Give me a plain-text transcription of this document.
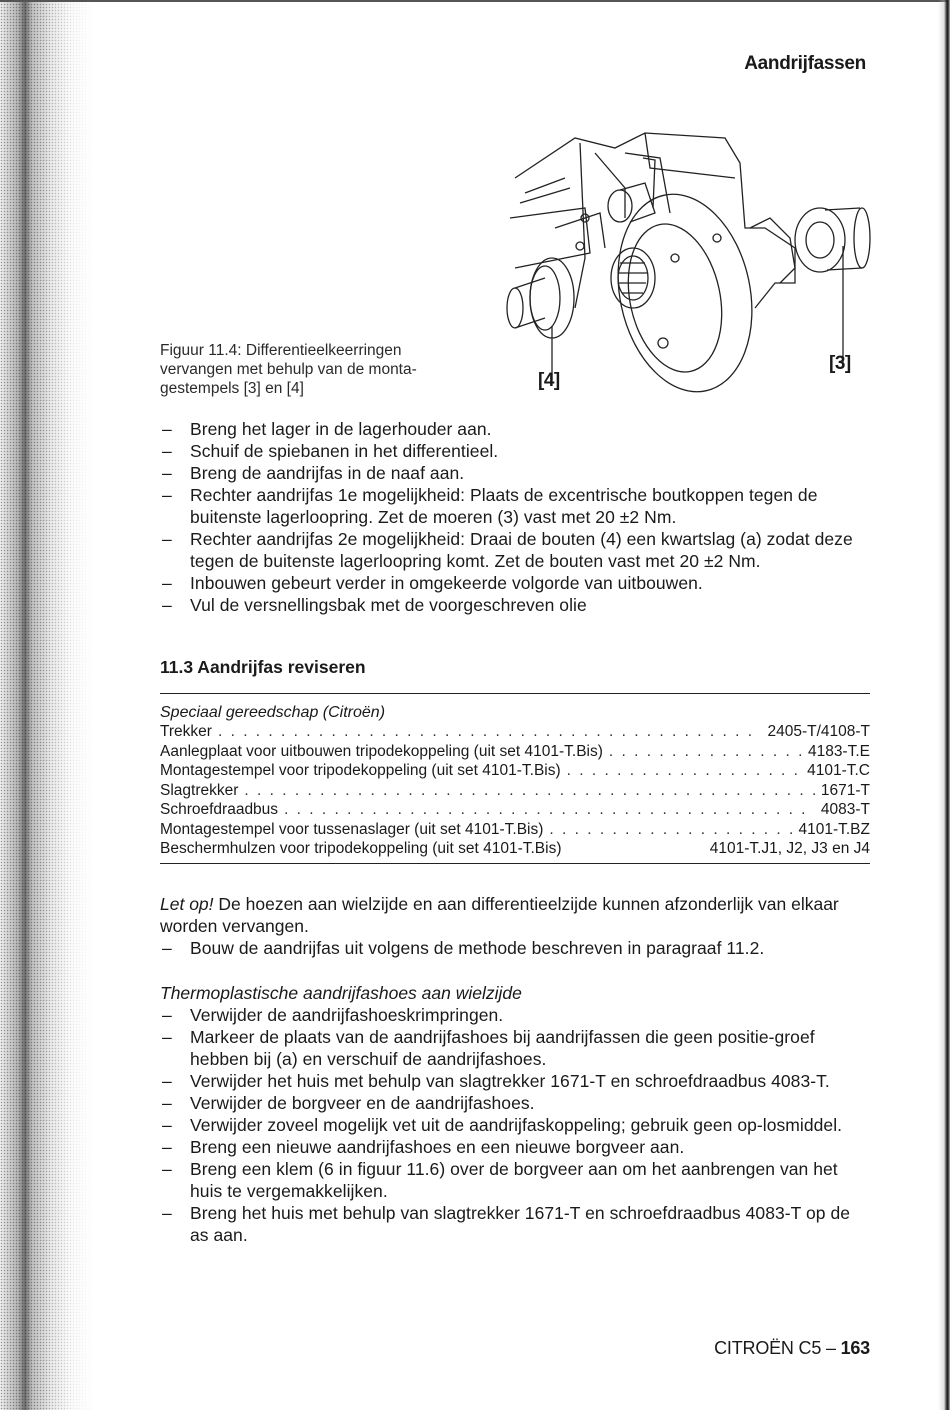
Aandrijfassen
[4]
[3]
Figuur 11.4: Differentieelkeerringen
vervangen met behulp van de monta-
gestempels [3] en [4]
– Breng het lager in de lagerhouder aan.
– Schuif de spiebanen in het differentieel.
– Breng de aandrijfas in de naaf aan.
– Rechter aandrijfas 1e mogelijkheid: Plaats de excentrische boutkoppen tegen de buitenste lagerloopring. Zet de moeren (3) vast met 20 ±2 Nm.
– Rechter aandrijfas 2e mogelijkheid: Draai de bouten (4) een kwartslag (a) zodat deze tegen de buitenste lagerloopring komt. Zet de bouten vast met 20 ±2 Nm.
– Inbouwen gebeurt verder in omgekeerde volgorde van uitbouwen.
– Vul de versnellingsbak met de voorgeschreven olie
11.3 Aandrijfas reviseren
Speciaal gereedschap (Citroën)
Trekker . . .	2405-T/4108-T
Aanlegplaat voor uitbouwen tripodekoppeling (uit set 4101-T.Bis) . . .	4183-T.E
Montagestempel voor tripodekoppeling (uit set 4101-T.Bis) . . .	4101-T.C
Slagtrekker . . .	1671-T
Schroefdraadbus . . .	4083-T
Montagestempel voor tussenaslager (uit set 4101-T.Bis) . . .	4101-T.BZ
Beschermhulzen voor tripodekoppeling (uit set 4101-T.Bis)	4101-T.J1, J2, J3 en J4
Let op! De hoezen aan wielzijde en aan differentieelzijde kunnen afzonderlijk van elkaar worden vervangen.
– Bouw de aandrijfas uit volgens de methode beschreven in paragraaf 11.2.
Thermoplastische aandrijfashoes aan wielzijde
– Verwijder de aandrijfashoeskrimpringen.
– Markeer de plaats van de aandrijfashoes bij aandrijfassen die geen positie-groef hebben bij (a) en verschuif de aandrijfashoes.
– Verwijder het huis met behulp van slagtrekker 1671-T en schroefdraadbus 4083-T.
– Verwijder de borgveer en de aandrijfashoes.
– Verwijder zoveel mogelijk vet uit de aandrijfaskoppeling; gebruik geen op-losmiddel.
– Breng een nieuwe aandrijfashoes en een nieuwe borgveer aan.
– Breng een klem (6 in figuur 11.6) over de borgveer aan om het aanbrengen van het huis te vergemakkelijken.
– Breng het huis met behulp van slagtrekker 1671-T en schroefdraadbus 4083-T op de as aan.
CITROËN C5 – 163
